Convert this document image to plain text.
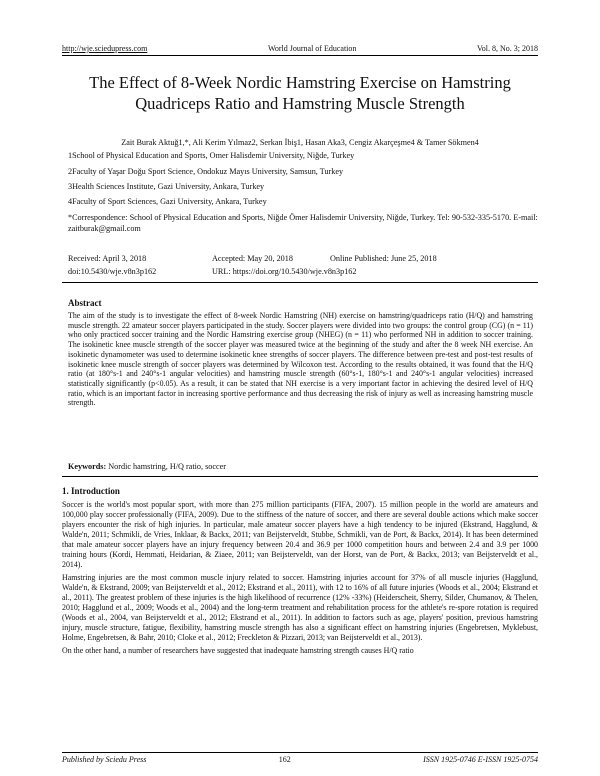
http://wje.sciedupress.com	World Journal of Education	Vol. 8, No. 3; 2018
The Effect of 8-Week Nordic Hamstring Exercise on Hamstring Quadriceps Ratio and Hamstring Muscle Strength
Zait Burak Aktuğ1,*, Ali Kerim Yılmaz2, Serkan İbiş1, Hasan Aka3, Cengiz Akarçeşme4 & Tamer Sökmen4
1School of Physical Education and Sports, Omer Halisdemir University, Niğde, Turkey
2Faculty of Yaşar Doğu Sport Science, Ondokuz Mayıs University, Samsun, Turkey
3Health Sciences Institute, Gazi University, Ankara, Turkey
4Faculty of Sport Sciences, Gazi University, Ankara, Turkey
*Correspondence: School of Physical Education and Sports, Niğde Ömer Halisdemir University, Niğde, Turkey. Tel: 90-532-335-5170. E-mail: zaitburak@gmail.com
Received: April 3, 2018	Accepted: May 20, 2018	Online Published: June 25, 2018
doi:10.5430/wje.v8n3p162	URL: https://doi.org/10.5430/wje.v8n3p162
Abstract
The aim of the study is to investigate the effect of 8-week Nordic Hamstring (NH) exercise on hamstring/quadriceps ratio (H/Q) and hamstring muscle strength. 22 amateur soccer players participated in the study. Soccer players were divided into two groups: the control group (CG) (n = 11) who only practiced soccer training and the Nordic Hamstring exercise group (NHEG) (n = 11) who performed NH in addition to soccer training. The isokinetic knee muscle strength of the soccer player was measured twice at the beginning of the study and after the 8 week NH exercise. An isokinetic dynamometer was used to determine isokinetic knee strengths of soccer players. The difference between pre-test and post-test results of isokinetic knee muscle strength of soccer players was determined by Wilcoxon test. According to the results obtained, it was found that the H/Q ratio (at 180°s-1 and 240°s-1 angular velocities) and hamstring muscle strength (60°s-1, 180°s-1 and 240°s-1 angular velocities) increased statistically significantly (p<0.05). As a result, it can be stated that NH exercise is a very important factor in achieving the desired level of H/Q ratio, which is an important factor in increasing sportive performance and thus decreasing the risk of injury as well as increasing hamstring muscle strength.
Keywords: Nordic hamstring, H/Q ratio, soccer
1. Introduction

Soccer is the world's most popular sport, with more than 275 million participants (FIFA, 2007). 15 million people in the world are amateurs and 100,000 play soccer professionally (FIFA, 2009). Due to the stiffness of the nature of soccer, and there are several double actions which make soccer players encounter the risk of high injuries. In particular, male amateur soccer players have a high tendency to be injured (Ekstrand, Hagglund, & Walde'n, 2011; Schmikli, de Vries, Inklaar, & Backx, 2011; van Beijsterveldt, Stubbe, Schmikli, van de Port, & Backx, 2014). It has been determined that male amateur soccer players have an injury frequency between 20.4 and 36.9 per 1000 competition hours and between 2.4 and 3.9 per 1000 training hours (Kordi, Hemmati, Heidarian, & Ziaee, 2011; van Beijsterveldt, van der Horst, van de Port, & Backx, 2013; van Beijsterveldt et al., 2014).

Hamstring injuries are the most common muscle injury related to soccer. Hamstring injuries account for 37% of all muscle injuries (Hagglund, Walde'n, & Ekstrand, 2009; van Beijsterveldt et al., 2012; Ekstrand et al., 2011), with 12 to 16% of all future injuries (Woods et al., 2004; Ekstrand et al., 2011). The greatest problem of these injuries is the high likelihood of recurrence (12% -33%) (Heiderscheit, Sherry, Silder, Chumanov, & Thelen, 2010; Hagglund et al., 2009; Woods et al., 2004) and the long-term treatment and rehabilitation process for the athlete's re-spore rotation is required (Woods et al., 2004, van Beijsterveldt et al., 2012; Ekstrand et al., 2011). In addition to factors such as age, players' position, previous hamstring injury, muscle structure, fatigue, flexibility, hamstring muscle strength has also a significant effect on hamstring injuries (Engebretsen, Myklebust, Holme, Engebretsen, & Bahr, 2010; Cloke et al., 2012; Freckleton & Pizzari, 2013; van Beijsterveldt et al., 2013).

On the other hand, a number of researchers have suggested that inadequate hamstring strength causes H/Q ratio

Published by Sciedu Press	162	ISSN 1925-0746 E-ISSN 1925-0754
